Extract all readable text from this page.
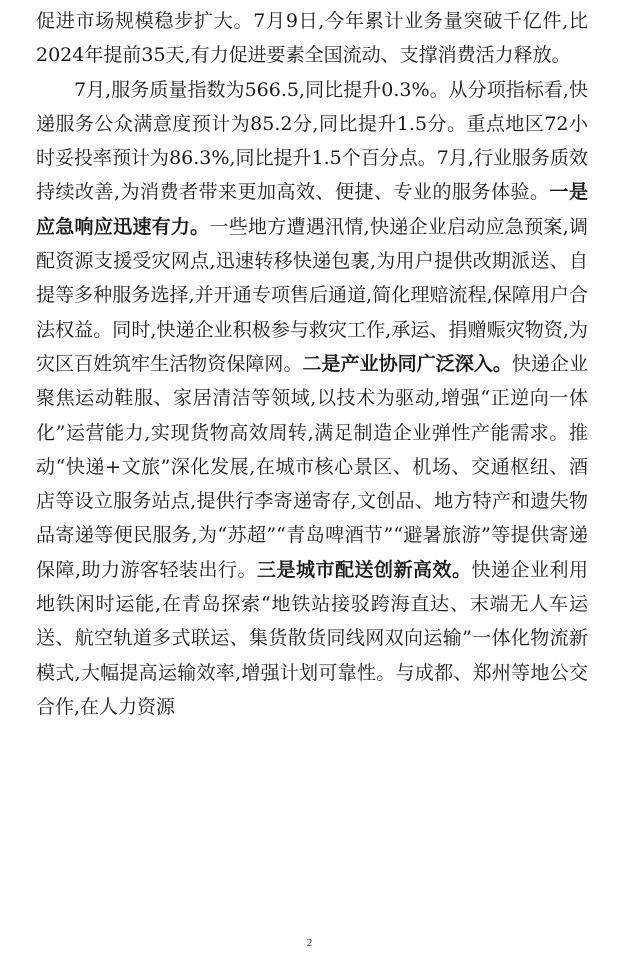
促进市场规模稳步扩大。7月9日,今年累计业务量突破千亿件,比2024年提前35天,有力促进要素全国流动、支撑消费活力释放。

7月,服务质量指数为566.5,同比提升0.3%。从分项指标看,快递服务公众满意度预计为85.2分,同比提升1.5分。重点地区72小时妥投率预计为86.3%,同比提升1.5个百分点。7月,行业服务质效持续改善,为消费者带来更加高效、便捷、专业的服务体验。一是应急响应迅速有力。一些地方遭遇汛情,快递企业启动应急预案,调配资源支援受灾网点,迅速转移快递包裹,为用户提供改期派送、自提等多种服务选择,并开通专项售后通道,简化理赔流程,保障用户合法权益。同时,快递企业积极参与救灾工作,承运、捐赠赈灾物资,为灾区百姓筑牢生活物资保障网。二是产业协同广泛深入。快递企业聚焦运动鞋服、家居清洁等领域,以技术为驱动,增强“正逆向一体化”运营能力,实现货物高效周转,满足制造企业弹性产能需求。推动“快递+文旅”深化发展,在城市核心景区、机场、交通枢纽、酒店等设立服务站点,提供行李寄递寄存,文创品、地方特产和遗失物品寄递等便民服务,为“苏超”“青岛啤酒节”“避暑旅游”等提供寄递保障,助力游客轻装出行。三是城市配送创新高效。快递企业利用地铁闲时运能,在青岛探索“地铁站接驳跨海直达、末端无人车运送、航空轨道多式联运、集货散货同线网双向运输”一体化物流新模式,大幅提高运输效率,增强计划可靠性。与成都、郑州等地公交合作,在人力资源

2
